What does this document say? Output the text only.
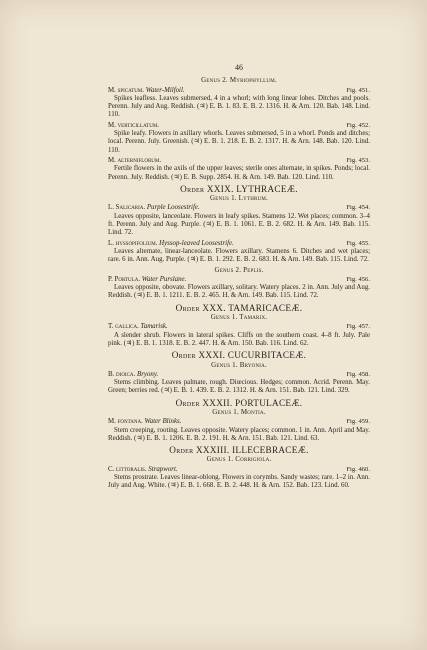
46
Genus 2. Myriophyllum.
M. spicatum. Water-Milfoil.	Fig. 451.
Spikes leafless. Leaves submersed, 4 in a whorl; with long linear lobes. Ditches and pools. Perenn. July and Aug. Reddish. (♃) E. B. 1. 83. E. B. 2. 1316. H. & Arn. 120. Bab. 148. Lind. 110.
M. verticillatum.	Fig. 452.
Spike leafy. Flowers in axillary whorls. Leaves submersed, 5 in a whorl. Ponds and ditches; local. Perenn. July. Greenish. (♃) E. B. 1. 218. E. B. 2. 1317. H. & Arn. 148. Bab. 120. Lind. 110.
M. alterniflorum.	Fig. 453.
Fertile flowers in the axils of the upper leaves; sterile ones alternate, in spikes. Ponds; local. Perenn. July. Reddish. (♃) E. B. Supp. 2854. H. & Arn. 149. Bab. 120. Lind. 110.
Order XXIX. LYTHRACEÆ.
Genus 1. Lythrum.
L. Salicaria. Purple Loosestrife.	Fig. 454.
Leaves opposite, lanceolate. Flowers in leafy spikes. Stamens 12. Wet places; common. 3–4 ft. Perenn. July and Aug. Purple. (♃) E. B. 1. 1061. E. B. 2. 682. H. & Arn. 149. Bab. 115. Lind. 72.
L. hyssopifolium. Hyssop-leaved Loosestrife.	Fig. 455.
Leaves alternate, linear-lanceolate. Flowers axillary. Stamens 6. Ditches and wet places; rare. 6 in. Ann. Aug. Purple. (♃) E. B. 1. 292. E. B. 2. 683. H. & Arn. 149. Bab. 115. Lind. 72.
Genus 2. Peplis.
P. Portula. Water Purslane.	Fig. 456.
Leaves opposite, obovate. Flowers axillary, solitary. Watery places. 2 in. Ann. July and Aug. Reddish. (♃) E. B. 1. 1211. E. B. 2. 465. H. & Arn. 149. Bab. 115. Lind. 72.
Order XXX. TAMARICACEÆ.
Genus 1. Tamarix.
T. gallica. Tamarisk.	Fig. 457.
A slender shrub. Flowers in lateral spikes. Cliffs on the southern coast. 4–8 ft. July. Pale pink. (♃) E. B. 1. 1318. E. B. 2. 447. H. & Arn. 150. Bab. 116. Lind. 62.
Order XXXI. CUCURBITACEÆ.
Genus 1. Bryonia.
B. dioica. Bryony.	Fig. 458.
Stems climbing. Leaves palmate, rough. Diœcious. Hedges; common. Acrid. Perenn. May. Green; berries red. (♃) E. B. 1. 439. E. B. 2. 1312. H. & Arn. 151. Bab. 121. Lind. 329.
Order XXXII. PORTULACEÆ.
Genus 1. Montia.
M. fontana. Water Blinks.	Fig. 459.
Stem creeping, rooting. Leaves opposite. Watery places; common. 1 in. Ann. April and May. Reddish. (♃) E. B. 1. 1206. E. B. 2. 191. H. & Arn. 151. Bab. 121. Lind. 63.
Order XXXIII. ILLECEBRACEÆ.
Genus 1. Corrigiola.
C. littoralis. Strapwort.	Fig. 460.
Stems prostrate. Leaves linear-oblong. Flowers in corymbs. Sandy wastes; rare. 1–2 in. Ann. July and Aug. White. (♃) E. B. 1. 668. E. B. 2. 448. H. & Arn. 152. Bab. 123. Lind. 60.
